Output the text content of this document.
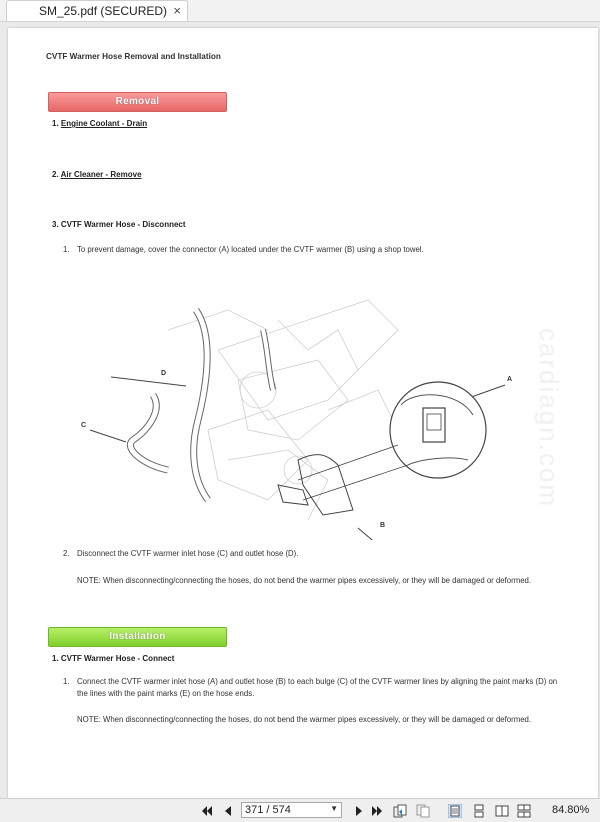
SM_25.pdf (SECURED) ×
CVTF Warmer Hose Removal and Installation
Removal
1. Engine Coolant - Drain
2. Air Cleaner - Remove
3. CVTF Warmer Hose - Disconnect
1. To prevent damage, cover the connector (A) located under the CVTF warmer (B) using a shop towel.
D
C
A
B
2. Disconnect the CVTF warmer inlet hose (C) and outlet hose (D).
NOTE: When disconnecting/connecting the hoses, do not bend the warmer pipes excessively, or they will be damaged or deformed.
Installation
1. CVTF Warmer Hose - Connect
1. Connect the CVTF warmer inlet hose (A) and outlet hose (B) to each bulge (C) of the CVTF warmer lines by aligning the paint marks (D) on the lines with the paint marks (E) on the hose ends.
NOTE: When disconnecting/connecting the hoses, do not bend the warmer pipes excessively, or they will be damaged or deformed.
cardiagn.com
371 / 574	▼	84.80%
